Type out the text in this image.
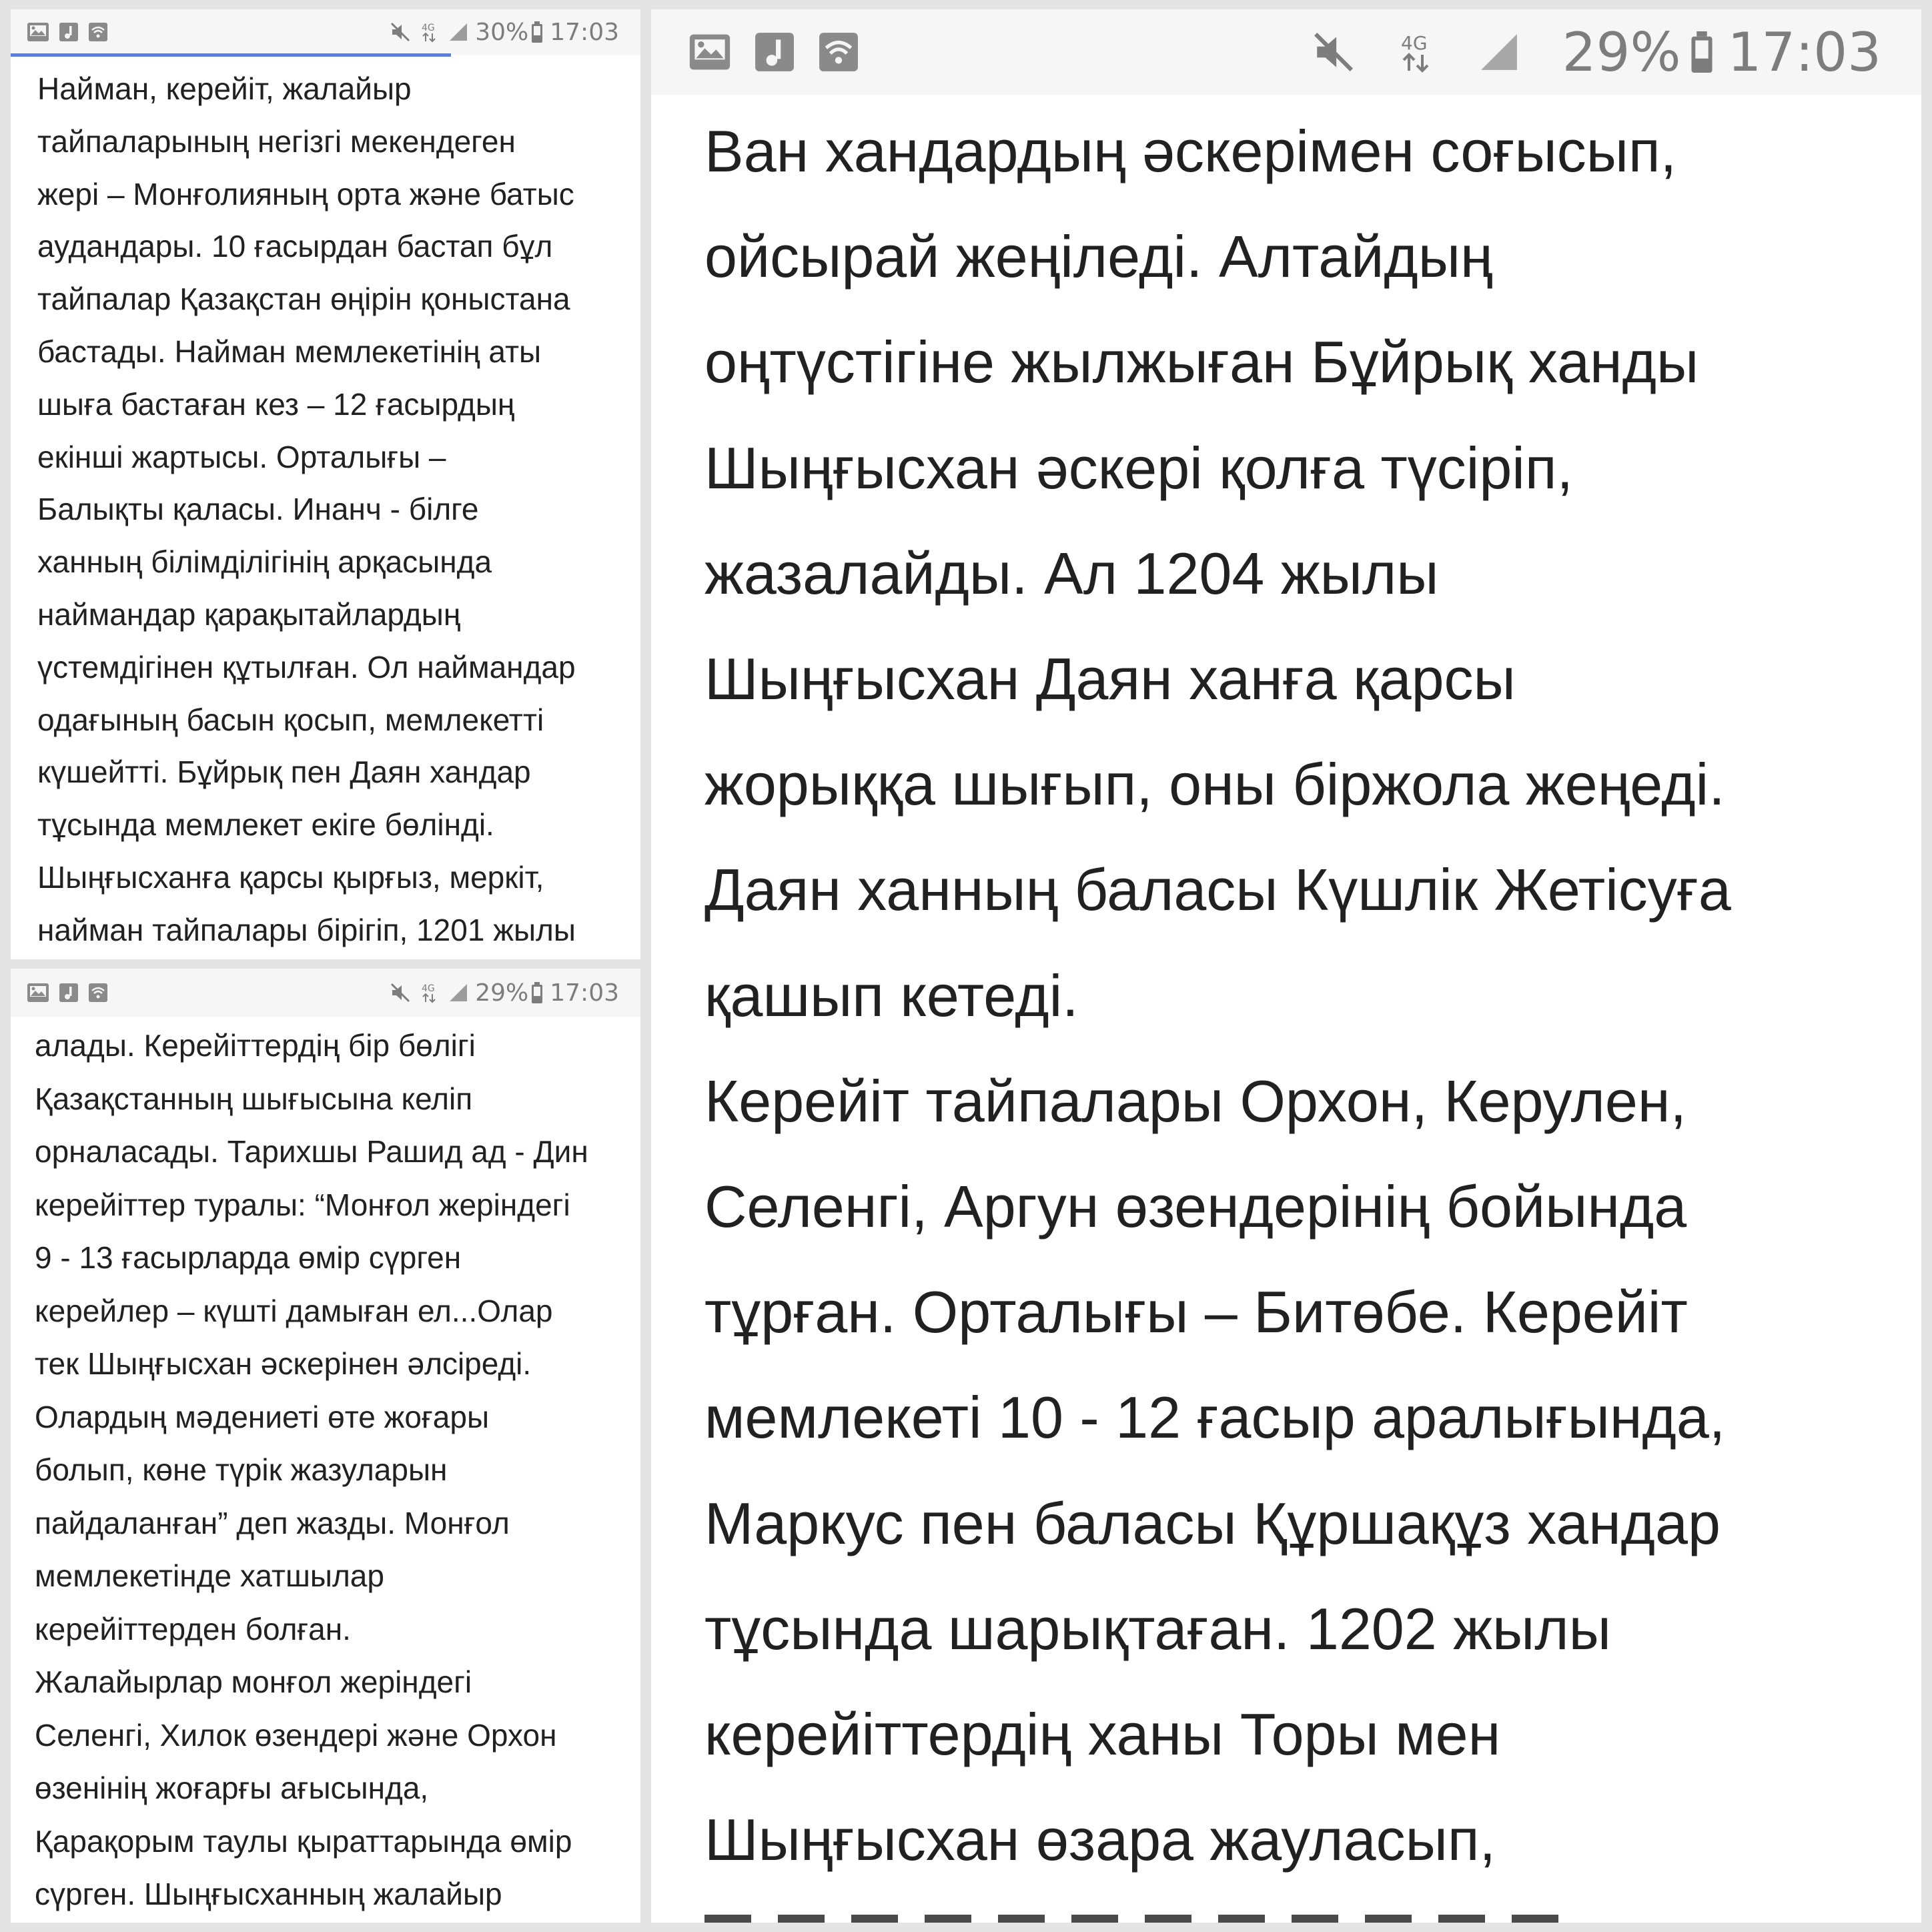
4G 30% 17:03

Найман, керейіт, жалайыр
тайпаларының негізгі мекендеген
жері – Монғолияның орта және батыс
аудандары. 10 ғасырдан бастап бұл
тайпалар Қазақстан өңірін қоныстана
бастады. Найман мемлекетінің аты
шыға бастаған кез – 12 ғасырдың
екінші жартысы. Орталығы –
Балықты қаласы. Инанч - білге
ханның білімділігінің арқасында
наймандар қарақытайлардың
үстемдігінен құтылған. Ол наймандар
одағының басын қосып, мемлекетті
күшейтті. Бұйрық пен Даян хандар
тұсында мемлекет екіге бөлінді.
Шыңғысханға қарсы қырғыз, меркіт,
найман тайпалары бірігіп, 1201 жылы

4G 29% 17:03

алады. Керейіттердің бір бөлігі
Қазақстанның шығысына келіп
орналасады. Тарихшы Рашид ад - Дин
керейіттер туралы: “Монғол жеріндегі
9 - 13 ғасырларда өмір сүрген
керейлер – күшті дамыған ел...Олар
тек Шыңғысхан әскерінен әлсіреді.
Олардың мәдениеті өте жоғары
болып, көне түрік жазуларын
пайдаланған” деп жазды. Монғол
мемлекетінде хатшылар
керейіттерден болған.
Жалайырлар монғол жеріндегі
Селенгі, Хилок өзендері және Орхон
өзенінің жоғарғы ағысында,
Қарақорым таулы қыраттарында өмір
сүрген. Шыңғысханның жалайыр

4G	29% 17:03

Ван хандардың әскерімен соғысып,
ойсырай жеңіледі. Алтайдың
оңтүстігіне жылжыған Бұйрық ханды
Шыңғысхан әскері қолға түсіріп,
жазалайды. Ал 1204 жылы
Шыңғысхан Даян ханға қарсы
жорыққа шығып, оны біржола жеңеді.
Даян ханның баласы Күшлік Жетісуға
қашып кетеді.
Керейіт тайпалары Орхон, Керулен,
Селенгі, Аргун өзендерінің бойында
тұрған. Орталығы – Битөбе. Керейіт
мемлекеті 10 - 12 ғасыр аралығында,
Маркус пен баласы Құршақұз хандар
тұсында шарықтаған. 1202 жылы
керейіттердің ханы Торы мен
Шыңғысхан өзара жауласып,
